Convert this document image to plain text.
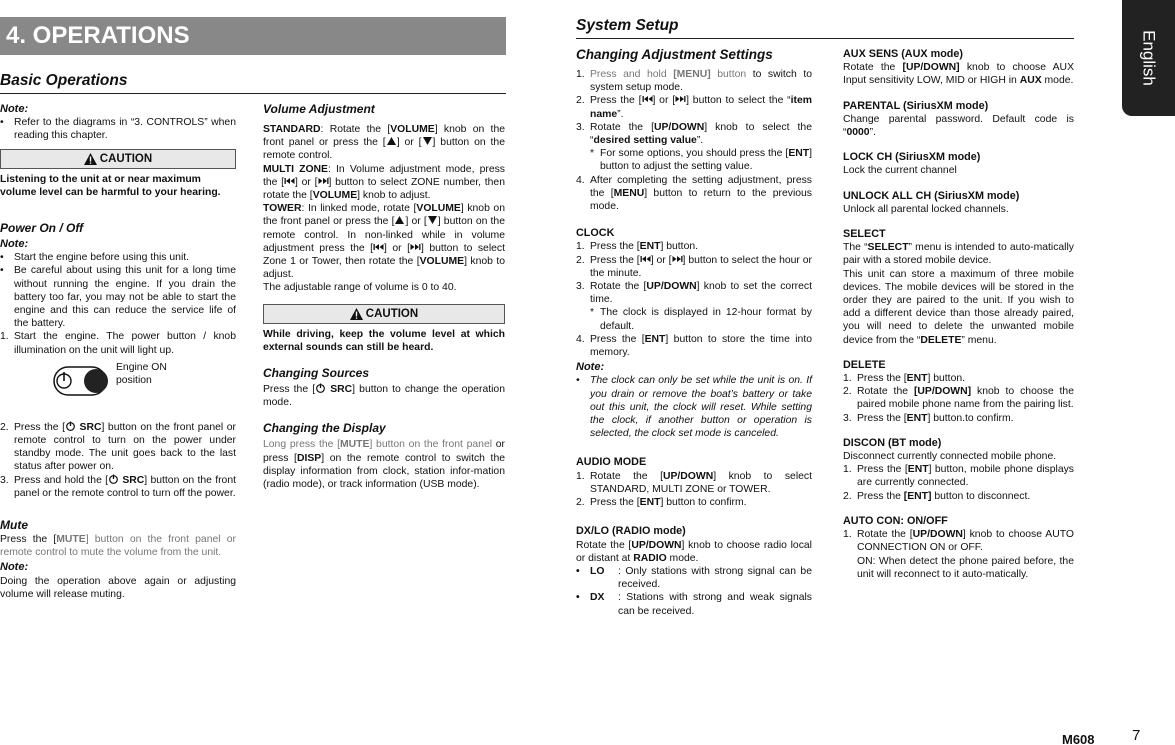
4. OPERATIONS
Basic Operations
System Setup
English
M608 7
Note:
• Refer to the diagrams in “3. CONTROLS” when reading this chapter.
CAUTION
Listening to the unit at or near maximum volume level can be harmful to your hearing.
Power On / Off
Note:
• Start the engine before using this unit.
• Be careful about using this unit for a long time without running the engine. If you drain the battery too far, you may not be able to start the engine and this can reduce the service life of the battery.
1. Start the engine. The power button / knob illumination on the unit will light up.
Engine ON position
2. Press the [ SRC] button on the front panel or remote control to turn on the power under standby mode. The unit goes back to the last status after power on.
3. Press and hold the [ SRC] button on the front panel or the remote control to turn off the power.
Mute
Press the [MUTE] button on the front panel or remote control to mute the volume from the unit.
Note:
Doing the operation above again or adjusting volume will release muting.
Volume Adjustment
STANDARD: Rotate the [VOLUME] knob on the front panel or press the [ ] or [ ] button on the remote control.
MULTI ZONE: In Volume adjustment mode, press the [ ] or [ ] button to select ZONE number, then rotate the [VOLUME] knob to adjust.
TOWER: In linked mode, rotate [VOLUME] knob on the front panel or press the [ ] or [ ] button on the remote control. In non-linked while in volume adjustment press the [ ] or [ ] button to select Zone 1 or Tower, then rotate the [VOLUME] knob to adjust.
The adjustable range of volume is 0 to 40.
CAUTION
While driving, keep the volume level at which external sounds can still be heard.
Changing Sources
Press the [ SRC] button to change the operation mode.
Changing the Display
Long press the [MUTE] button on the front panel or press [DISP] on the remote control to switch the display information from clock, station infor-mation (radio mode), or track information (USB mode).
Changing Adjustment Settings
1. Press and hold [MENU] button to switch to system setup mode.
2. Press the [ ] or [ ] button to select the “item name”.
3. Rotate the [UP/DOWN] knob to select the “desired setting value”.
* For some options, you should press the [ENT] button to adjust the setting value.
4. After completing the setting adjustment, press the [MENU] button to return to the previous mode.
CLOCK
1. Press the [ENT] button.
2. Press the [ ] or [ ] button to select the hour or the minute.
3. Rotate the [UP/DOWN] knob to set the correct time.
* The clock is displayed in 12-hour format by default.
4. Press the [ENT] button to store the time into memory.
Note:
• The clock can only be set while the unit is on. If you drain or remove the boat’s battery or take out this unit, the clock will reset. While setting the clock, if another button or operation is selected, the clock set mode is canceled.
AUDIO MODE
1. Rotate the [UP/DOWN] knob to select STANDARD, MULTI ZONE or TOWER.
2. Press the [ENT] button to confirm.
DX/LO (RADIO mode)
Rotate the [UP/DOWN] knob to choose radio local or distant at RADIO mode.
• LO : Only stations with strong signal can be received.
• DX : Stations with strong and weak signals can be received.
AUX SENS (AUX mode)
Rotate the [UP/DOWN] knob to choose AUX Input sensitivity LOW, MID or HIGH in AUX mode.
PARENTAL (SiriusXM mode)
Change parental password. Default code is “0000”.
LOCK CH (SiriusXM mode)
Lock the current channel
UNLOCK ALL CH (SiriusXM mode)
Unlock all parental locked channels.
SELECT
The “SELECT” menu is intended to auto-matically pair with a stored mobile device.
This unit can store a maximum of three mobile devices. The mobile devices will be stored in the order they are paired to the unit. If you wish to add a different device than those already paired, you will need to delete the unwanted mobile device from the “DELETE” menu.
DELETE
1. Press the [ENT] button.
2. Rotate the [UP/DOWN] knob to choose the paired mobile phone name from the pairing list.
3. Press the [ENT] button.to confirm.
DISCON (BT mode)
Disconnect currently connected mobile phone.
1. Press the [ENT] button, mobile phone displays are currently connected.
2. Press the [ENT] button to disconnect.
AUTO CON: ON/OFF
1. Rotate the [UP/DOWN] knob to choose AUTO CONNECTION ON or OFF.
ON: When detect the phone paired before, the unit will reconnect to it auto-matically.
